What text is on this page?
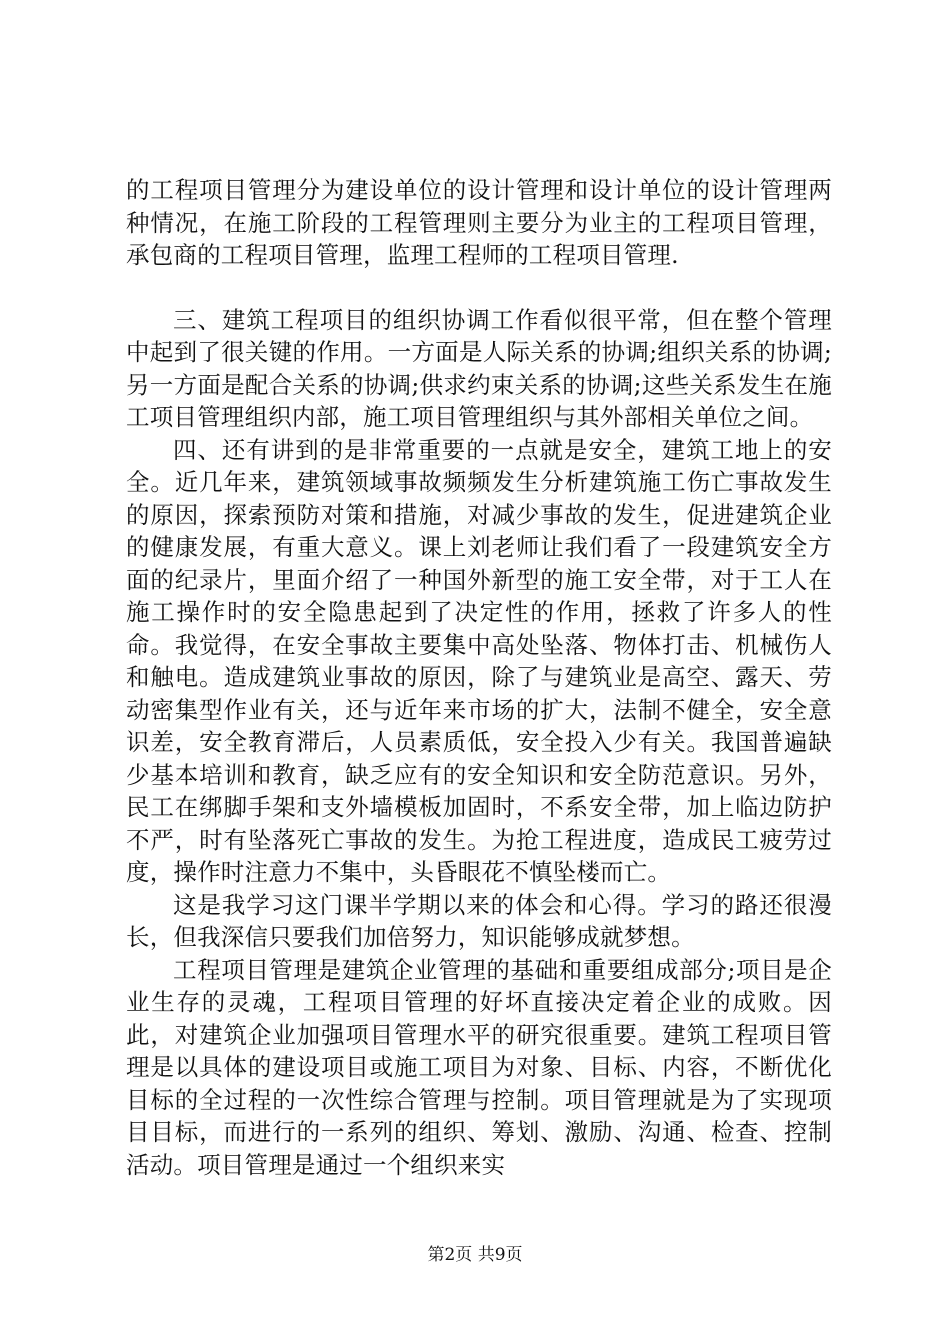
的工程项目管理分为建设单位的设计管理和设计单位的设计管理两种情况，在施工阶段的工程管理则主要分为业主的工程项目管理，承包商的工程项目管理，监理工程师的工程项目管理.

三、建筑工程项目的组织协调工作看似很平常，但在整个管理中起到了很关键的作用。一方面是人际关系的协调;组织关系的协调;另一方面是配合关系的协调;供求约束关系的协调;这些关系发生在施工项目管理组织内部，施工项目管理组织与其外部相关单位之间。

四、还有讲到的是非常重要的一点就是安全，建筑工地上的安全。近几年来，建筑领域事故频频发生分析建筑施工伤亡事故发生的原因，探索预防对策和措施，对减少事故的发生，促进建筑企业的健康发展，有重大意义。课上刘老师让我们看了一段建筑安全方面的纪录片，里面介绍了一种国外新型的施工安全带，对于工人在施工操作时的安全隐患起到了决定性的作用，拯救了许多人的性命。我觉得，在安全事故主要集中高处坠落、物体打击、机械伤人和触电。造成建筑业事故的原因，除了与建筑业是高空、露天、劳动密集型作业有关，还与近年来市场的扩大，法制不健全，安全意识差，安全教育滞后，人员素质低，安全投入少有关。我国普遍缺少基本培训和教育，缺乏应有的安全知识和安全防范意识。另外，民工在绑脚手架和支外墙模板加固时，不系安全带，加上临边防护不严，时有坠落死亡事故的发生。为抢工程进度，造成民工疲劳过度，操作时注意力不集中，头昏眼花不慎坠楼而亡。

这是我学习这门课半学期以来的体会和心得。学习的路还很漫长，但我深信只要我们加倍努力，知识能够成就梦想。

工程项目管理是建筑企业管理的基础和重要组成部分;项目是企业生存的灵魂，工程项目管理的好坏直接决定着企业的成败。因此，对建筑企业加强项目管理水平的研究很重要。建筑工程项目管理是以具体的建设项目或施工项目为对象、目标、内容，不断优化目标的全过程的一次性综合管理与控制。项目管理就是为了实现项目目标，而进行的一系列的组织、筹划、激励、沟通、检查、控制活动。项目管理是通过一个组织来实

第2页 共9页
